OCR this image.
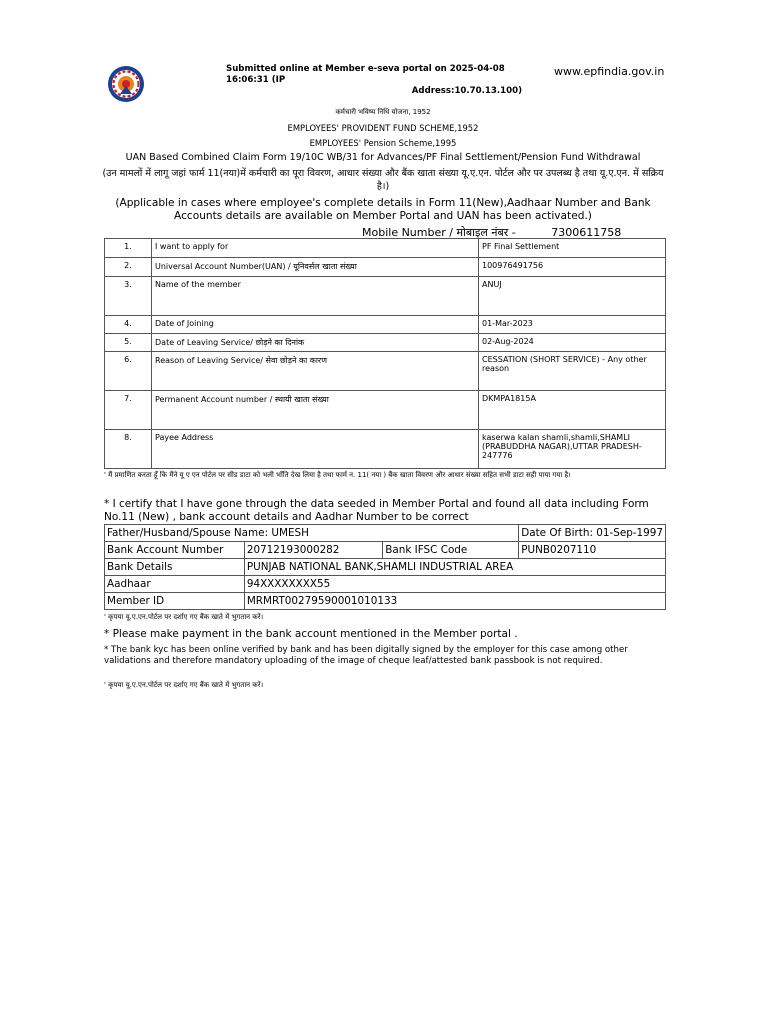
Submitted online at Member e-seva portal on 2025-04-08 16:06:31 (IP
Address:10.70.13.100)
www.epfindia.gov.in
कर्मचारी भविष्य निधि योजना, 1952
EMPLOYEES' PROVIDENT FUND SCHEME,1952
EMPLOYEES' Pension Scheme,1995
UAN Based Combined Claim Form 19/10C WB/31 for Advances/PF Final Settlement/Pension Fund Withdrawal
(उन मामलों में लागू जहां फार्म 11(नया)में कर्मचारी का पूरा विवरण, आधार संख्या और बैंक खाता संख्या यू.ए.एन. पोर्टल और पर उपलब्ध है तथा यू.ए.एन. में सक्रिय है।)
(Applicable in cases where employee's complete details in Form 11(New),Aadhaar Number and Bank Accounts details are available on Member Portal and UAN has been activated.)
Mobile Number / मोबाइल नंबर -	7300611758
1.	I want to apply for	PF Final Settlement
2.	Universal Account Number(UAN) / यूनिवर्सल खाता संख्या	100976491756
3.	Name of the member	ANUJ
4.	Date of Joining	01-Mar-2023
5.	Date of Leaving Service/ छोड़ने का दिनांक	02-Aug-2024
6.	Reason of Leaving Service/ सेवा छोड़ने का कारण	CESSATION (SHORT SERVICE) - Any other reason
7.	Permanent Account number / स्थायी खाता संख्या	DKMPA1815A
8.	Payee Address	kaserwa kalan shamli,shamli,SHAMLI (PRABUDDHA NAGAR),UTTAR PRADESH-247776
' मैं प्रमाणित करता हूँ कि मैंने यू ए एन पोर्टल पर सीड डाटा को भली भाँति देख लिया है तथा फार्म न. 11( नया ) बैंक खाता विवरण और आधार संख्या सहित सभी डाटा सही पाया गया है।
* I certify that I have gone through the data seeded in Member Portal and found all data including Form No.11 (New) , bank account details and Aadhar Number to be correct
Father/Husband/Spouse Name: UMESH			Date Of Birth: 01-Sep-1997
Bank Account Number	20712193000282	Bank IFSC Code	PUNB0207110
Bank Details	PUNJAB NATIONAL BANK,SHAMLI INDUSTRIAL AREA		
Aadhaar	94XXXXXXXX55		
Member ID	MRMRT00279590001010133		
' कृपया यू.ए.एन.पोर्टल पर दर्शाए गए बैंक खाते में भुगतान करें।
* Please make payment in the bank account mentioned in the Member portal .
* The bank kyc has been online verified by bank and has been digitally signed by the employer for this case among other validations and therefore mandatory uploading of the image of cheque leaf/attested bank passbook is not required.
' कृपया यू.ए.एन.पोर्टल पर दर्शाए गए बैंक खाते में भुगतान करें।
